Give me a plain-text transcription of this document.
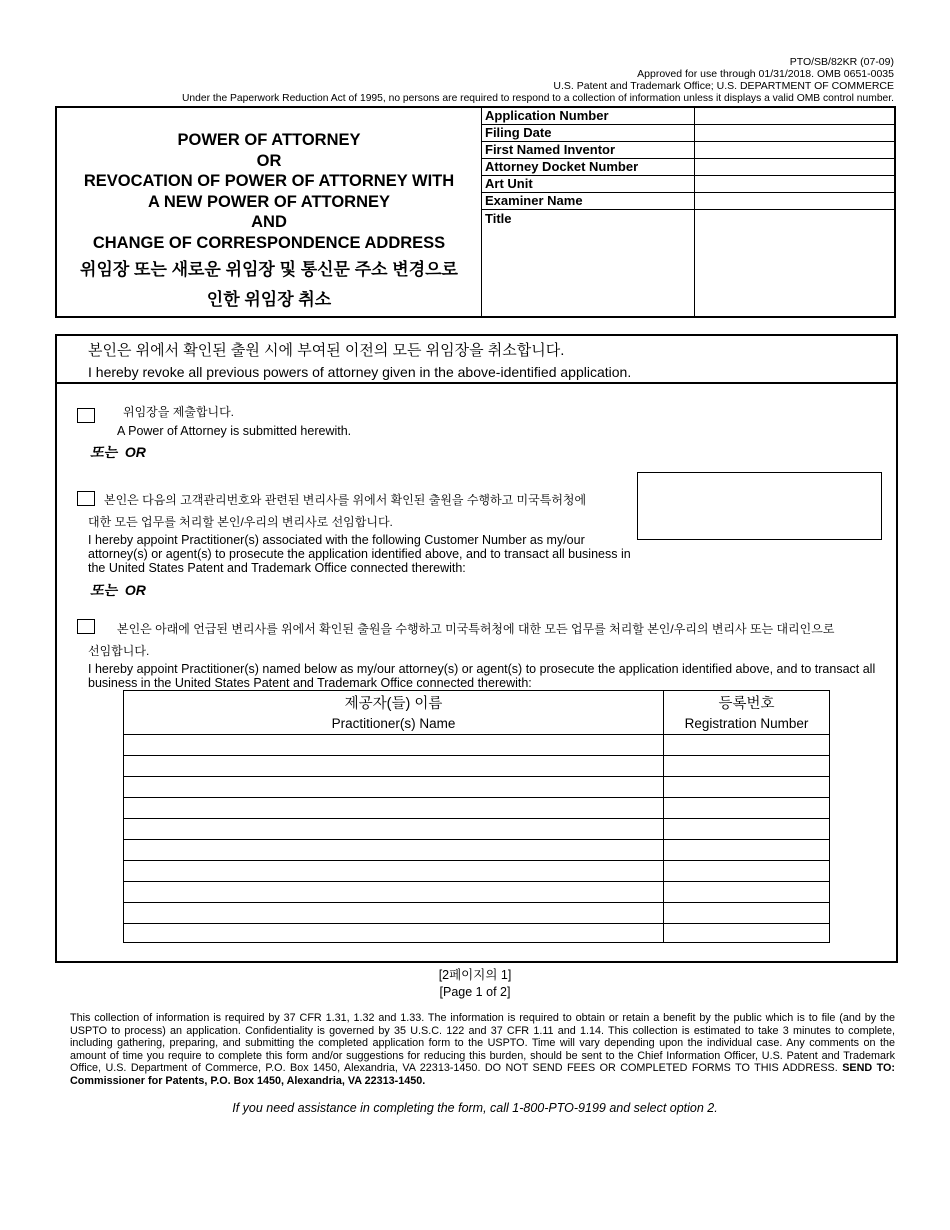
PTO/SB/82KR (07-09)
Approved for use through 01/31/2018. OMB 0651-0035
U.S. Patent and Trademark Office; U.S. DEPARTMENT OF COMMERCE
Under the Paperwork Reduction Act of 1995, no persons are required to respond to a collection of information unless it displays a valid OMB control number.
POWER OF ATTORNEY
OR
REVOCATION OF POWER OF ATTORNEY WITH
A NEW POWER OF ATTORNEY
AND
CHANGE OF CORRESPONDENCE ADDRESS
위임장 또는 새로운 위임장 및 통신문 주소 변경으로
인한 위임장 취소
Application Number
Filing Date
First Named Inventor
Attorney Docket Number
Art Unit
Examiner Name
Title
본인은 위에서 확인된 출원 시에 부여된 이전의 모든 위임장을 취소합니다.
I hereby revoke all previous powers of attorney given in the above-identified application.
위임장을 제출합니다.
A Power of Attorney is submitted herewith.
또는 OR
본인은 다음의 고객관리번호와 관련된 변리사를 위에서 확인된 출원을 수행하고 미국특허청에
대한 모든 업무를 처리할 본인/우리의 변리사로 선임합니다.
I hereby appoint Practitioner(s) associated with the following Customer Number as my/our
attorney(s) or agent(s) to prosecute the application identified above, and to transact all business in
the United States Patent and Trademark Office connected therewith:
또는 OR
본인은 아래에 언급된 변리사를 위에서 확인된 출원을 수행하고 미국특허청에 대한 모든 업무를 처리할 본인/우리의 변리사 또는 대리인으로
선임합니다.
I hereby appoint Practitioner(s) named below as my/our attorney(s) or agent(s) to prosecute the application identified above, and to transact all
business in the United States Patent and Trademark Office connected therewith:
제공자(들) 이름
Practitioner(s) Name
등록번호
Registration Number
[2페이지의 1]
[Page 1 of 2]
This collection of information is required by 37 CFR 1.31, 1.32 and 1.33. The information is required to obtain or retain a benefit by the public which is to file (and by the USPTO to process) an application. Confidentiality is governed by 35 U.S.C. 122 and 37 CFR 1.11 and 1.14. This collection is estimated to take 3 minutes to complete, including gathering, preparing, and submitting the completed application form to the USPTO. Time will vary depending upon the individual case. Any comments on the amount of time you require to complete this form and/or suggestions for reducing this burden, should be sent to the Chief Information Officer, U.S. Patent and Trademark Office, U.S. Department of Commerce, P.O. Box 1450, Alexandria, VA 22313-1450. DO NOT SEND FEES OR COMPLETED FORMS TO THIS ADDRESS. SEND TO: Commissioner for Patents, P.O. Box 1450, Alexandria, VA 22313-1450.
If you need assistance in completing the form, call 1-800-PTO-9199 and select option 2.
